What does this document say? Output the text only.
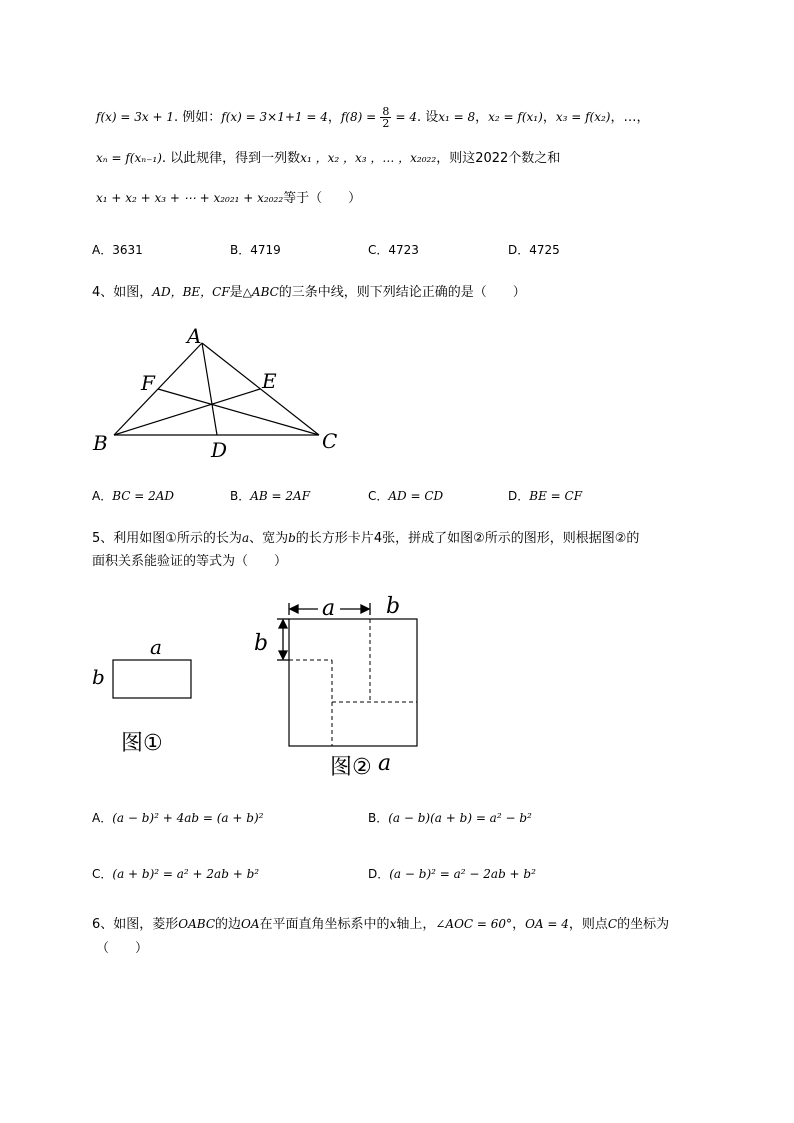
f(x) = 3x + 1. 例如：f(x) = 3×1+1 = 4，$f(8) = \frac{8}{2} = 4$. 设x₁ = 8，x₂ = f(x₁)，x₃ = f(x₂)，…，
xₙ = f(xₙ₋₁). 以此规律，得到一列数x₁ ，x₂ ，x₃ ，… ，x₂₀₂₂，则这2022个数之和
x₁ + x₂ + x₃ + ⋯ + x₂₀₂₁ + x₂₀₂₂等于（　　）
A．3631	B．4719	C．4723	D．4725
4、如图，AD，BE，CF是△ABC的三条中线，则下列结论正确的是（　　）
A
B	C
D
E
F
a
b
图①
a b
b
图② a
A．BC = 2AD	B．AB = 2AF	C．AD = CD	D．BE = CF
5、利用如图①所示的长为a、宽为b的长方形卡片4张，拼成了如图②所示的图形，则根据图②的
面积关系能验证的等式为（　　）
A．(a − b)² + 4ab = (a + b)²	B．(a − b)(a + b) = a² − b²
C．(a + b)² = a² + 2ab + b²	D．(a − b)² = a² − 2ab + b²
6、如图，菱形OABC的边OA在平面直角坐标系中的x轴上，∠AOC = 60°，OA = 4，则点C的坐标为
（　　）
